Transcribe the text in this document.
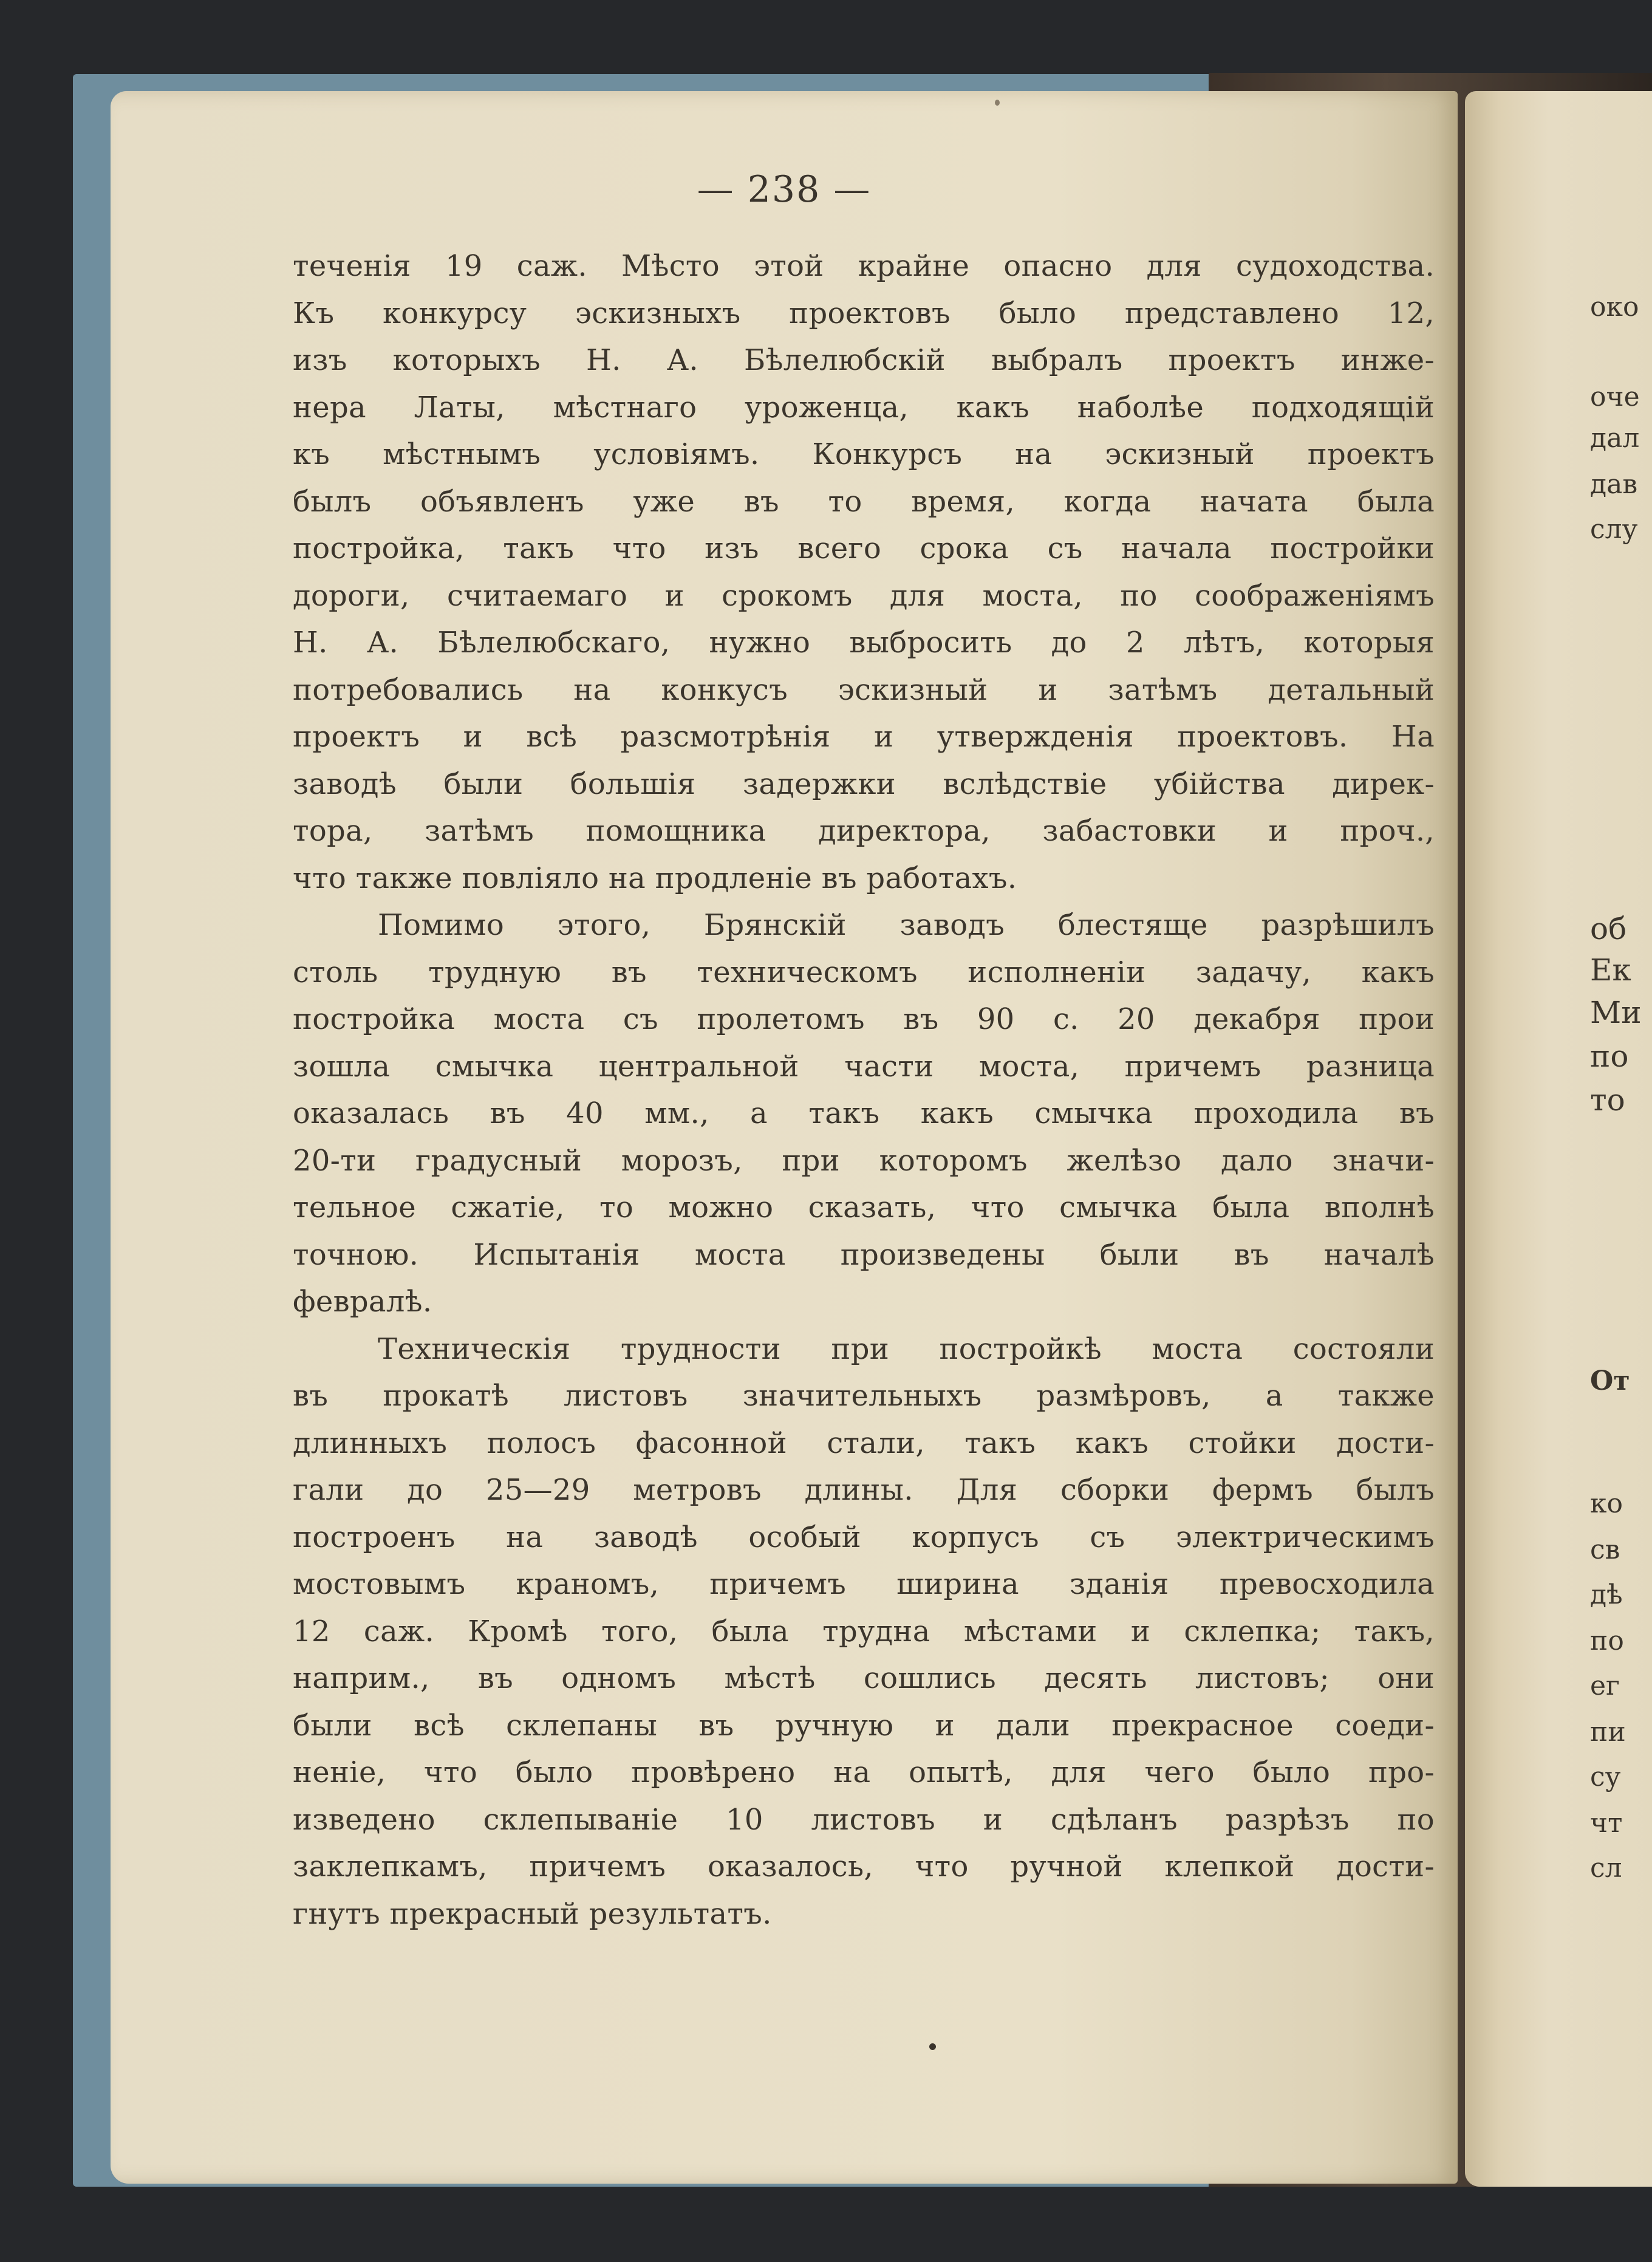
— 238 —
теченія 19 саж. Мѣсто этой крайне опасно для судоходства.
Къ конкурсу эскизныхъ проектовъ было представлено 12,
изъ которыхъ Н. А. Бѣлелюбскій выбралъ проектъ инже-
нера Латы, мѣстнаго уроженца, какъ наболѣе подходящій
къ мѣстнымъ условіямъ. Конкурсъ на эскизный проектъ
былъ объявленъ уже въ то время, когда начата была
постройка, такъ что изъ всего срока съ начала постройки
дороги, считаемаго и срокомъ для моста, по соображеніямъ
Н. А. Бѣлелюбскаго, нужно выбросить до 2 лѣтъ, которыя
потребовались на конкусъ эскизный и затѣмъ детальный
проектъ и всѣ разсмотрѣнія и утвержденія проектовъ. На
заводѣ были большія задержки вслѣдствіе убійства дирек-
тора, затѣмъ помощника директора, забастовки и проч.,
что также повліяло на продленіе въ работахъ.
Помимо этого, Брянскій заводъ блестяще разрѣшилъ
столь трудную въ техническомъ исполненіи задачу, какъ
постройка моста съ пролетомъ въ 90 с. 20 декабря прои
зошла смычка центральной части моста, причемъ разница
оказалась въ 40 мм., а такъ какъ смычка проходила въ
20-ти градусный морозъ, при которомъ желѣзо дало значи-
тельное сжатіе, то можно сказать, что смычка была вполнѣ
точною. Испытанія моста произведены были въ началѣ
февралѣ.
Техническія трудности при постройкѣ моста состояли
въ прокатѣ листовъ значительныхъ размѣровъ, а также
длинныхъ полосъ фасонной стали, такъ какъ стойки дости-
гали до 25—29 метровъ длины. Для сборки фермъ былъ
построенъ на заводѣ особый корпусъ съ электрическимъ
мостовымъ краномъ, причемъ ширина зданія превосходила
12 саж. Кромѣ того, была трудна мѣстами и склепка; такъ,
наприм., въ одномъ мѣстѣ сошлись десять листовъ; они
были всѣ склепаны въ ручную и дали прекрасное соеди-
неніе, что было провѣрено на опытѣ, для чего было про-
изведено склепываніе 10 листовъ и сдѣланъ разрѣзъ по
заклепкамъ, причемъ оказалось, что ручной клепкой дости-
гнутъ прекрасный результатъ.
око
оче
дал
дав
слу
об
Ек
Ми
по
то
От
ко
св
дѣ
по
ег
пи
су
чт
сл
